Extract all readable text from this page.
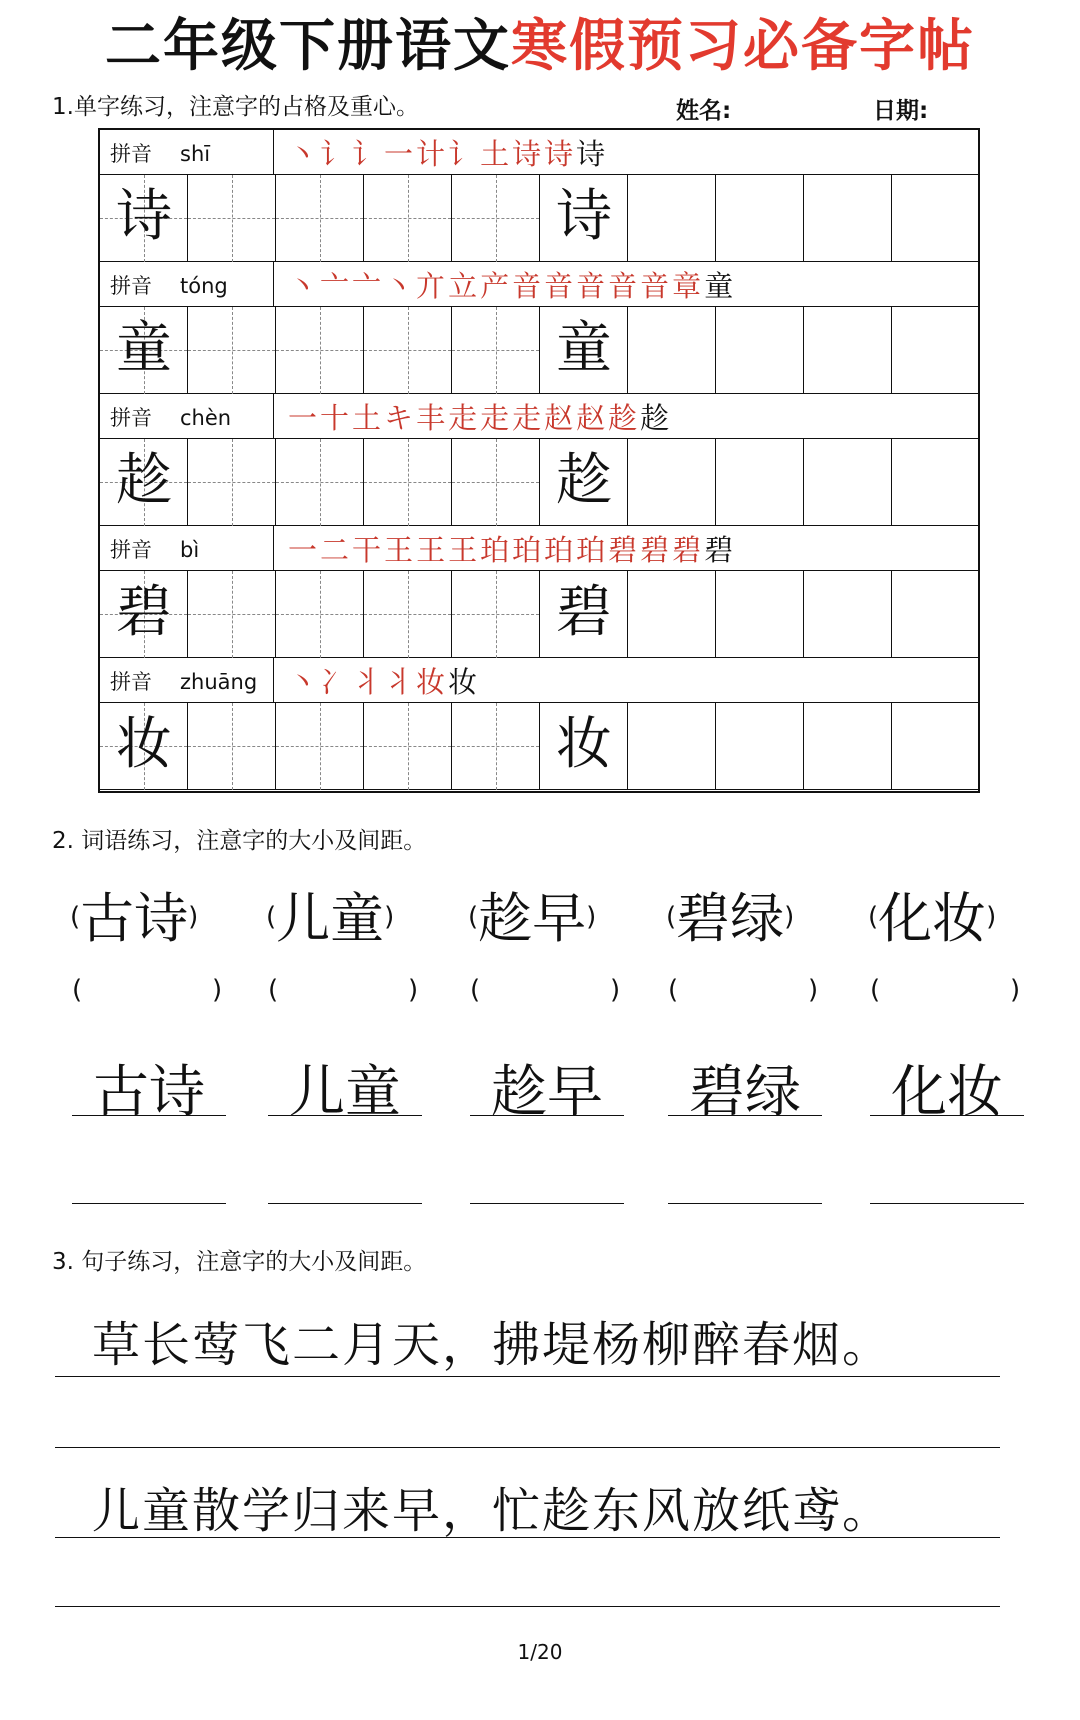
二年级下册语文寒假预习必备字帖
1.单字练习，注意字的占格及重心。	姓名:	日期:
拼音 shī	丶讠讠一计讠土诗诗诗
诗	诗
拼音 tóng 丶亠亠丶亣立产音音音音音章童
童	童
拼音 chèn 一十土キ丰走走走赵赵趁趁
趁	趁
拼音 bì	一二干王王王珀珀珀珀碧碧碧碧
碧	碧
拼音 zhuāng 丶冫丬丬妆妆
妆	妆
2. 词语练习，注意字的大小及间距。
(古诗)
(	)
古诗
(儿童)
(	)
儿童
(趁早)
(	)
趁早
(碧绿)
(	)
碧绿
(化妆)
(	)
化妆
3. 句子练习，注意字的大小及间距。
草长莺飞二月天，拂堤杨柳醉春烟。
儿童散学归来早，忙趁东风放纸鸢。
1/20
